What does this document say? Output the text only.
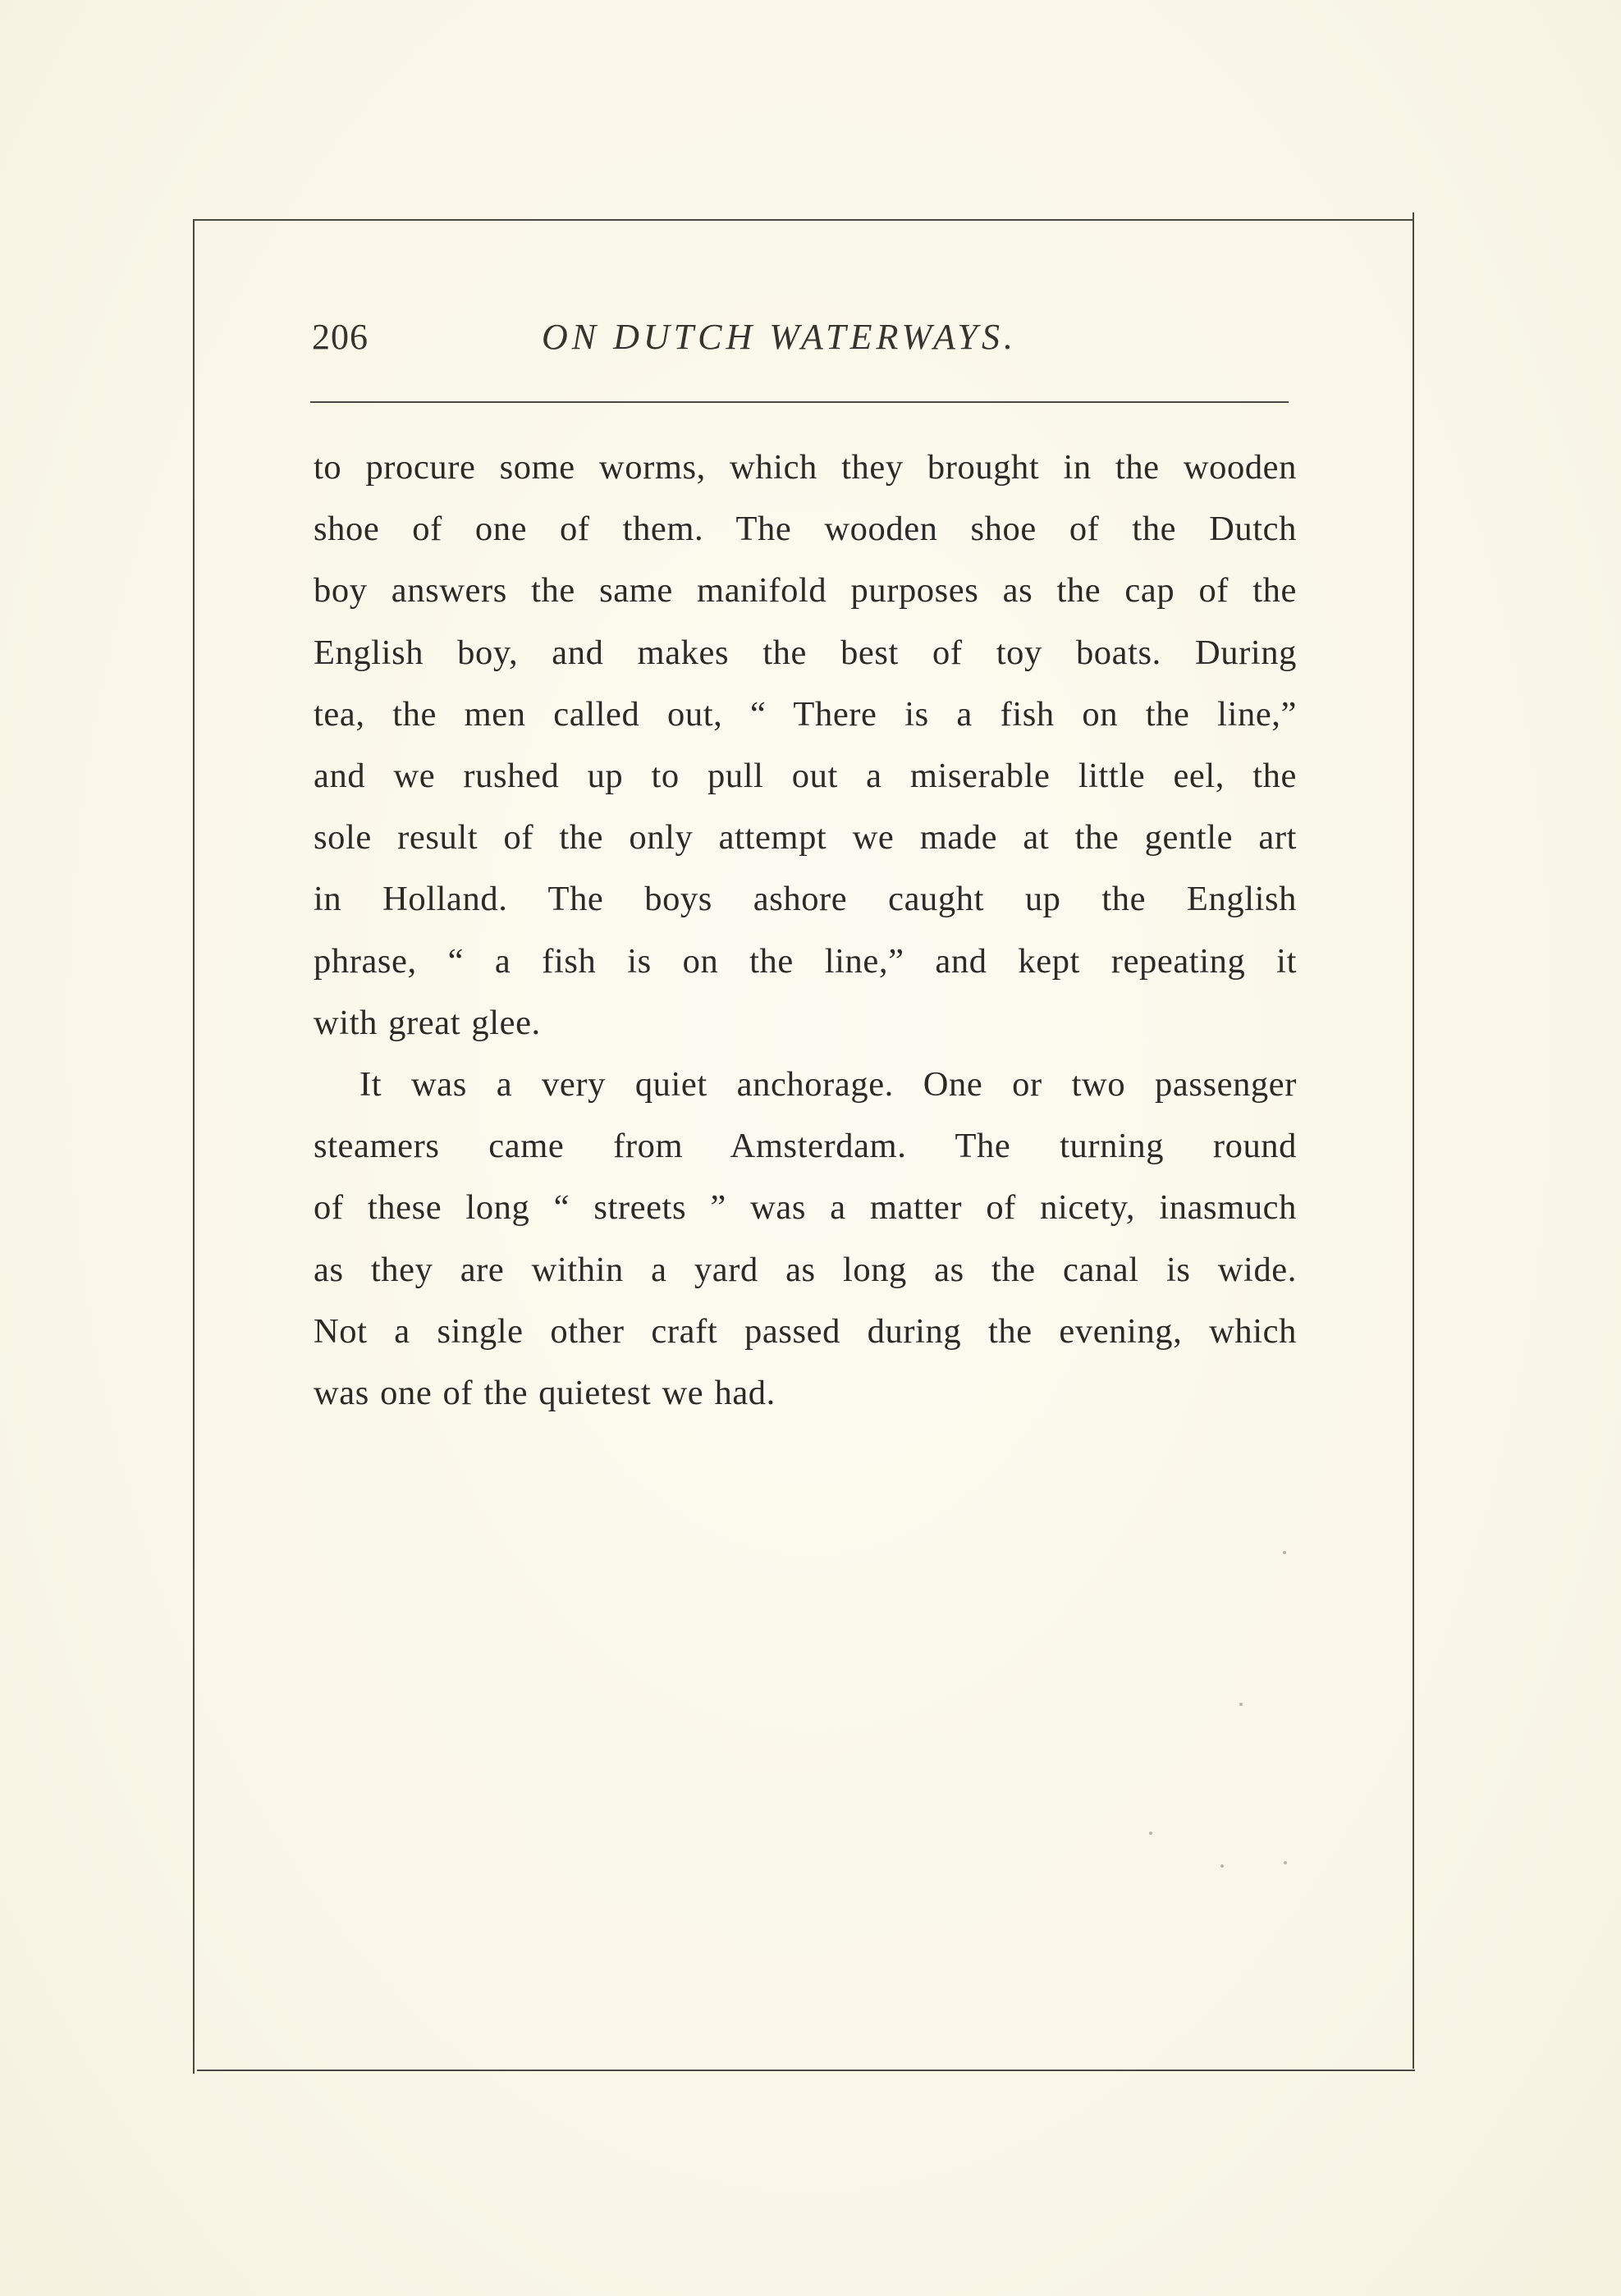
206	ON DUTCH WATERWAYS.

to procure some worms, which they brought in the wooden
shoe of one of them. The wooden shoe of the Dutch
boy answers the same manifold purposes as the cap of the
English boy, and makes the best of toy boats. During
tea, the men called out, “ There is a fish on the line,”
and we rushed up to pull out a miserable little eel, the
sole result of the only attempt we made at the gentle art
in Holland. The boys ashore caught up the English
phrase, “ a fish is on the line,” and kept repeating it
with great glee.

It was a very quiet anchorage. One or two passenger
steamers came from Amsterdam. The turning round
of these long “ streets ” was a matter of nicety, inasmuch
as they are within a yard as long as the canal is wide.
Not a single other craft passed during the evening, which
was one of the quietest we had.
